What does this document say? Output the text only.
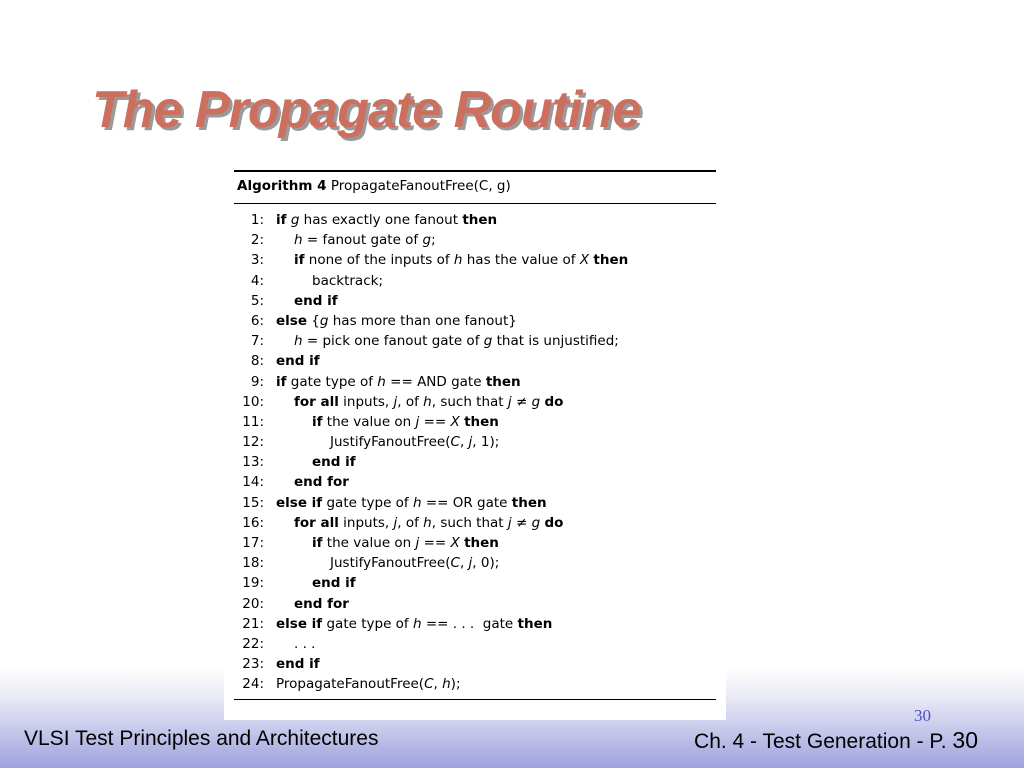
The Propagate Routine
Algorithm 4 PropagateFanoutFree(C, g)
1: if g has exactly one fanout then
2: h = fanout gate of g;
3: if none of the inputs of h has the value of X then
4:	backtrack;
5: end if
6: else {g has more than one fanout}
7: h = pick one fanout gate of g that is unjustified;
8: end if
9: if gate type of h == AND gate then
10: for all inputs, j, of h, such that j ≠ g do
11:	if the value on j == X then
12:	JustifyFanoutFree(C, j, 1);
13:	end if
14: end for
15: else if gate type of h == OR gate then
16: for all inputs, j, of h, such that j ≠ g do
17:	if the value on j == X then
18:	JustifyFanoutFree(C, j, 0);
19:	end if
20: end for
21: else if gate type of h == . . .  gate then
22: . . .
23: end if
24: PropagateFanoutFree(C, h);
30
VLSI Test Principles and Architectures	Ch. 4 - Test Generation - P. 30
